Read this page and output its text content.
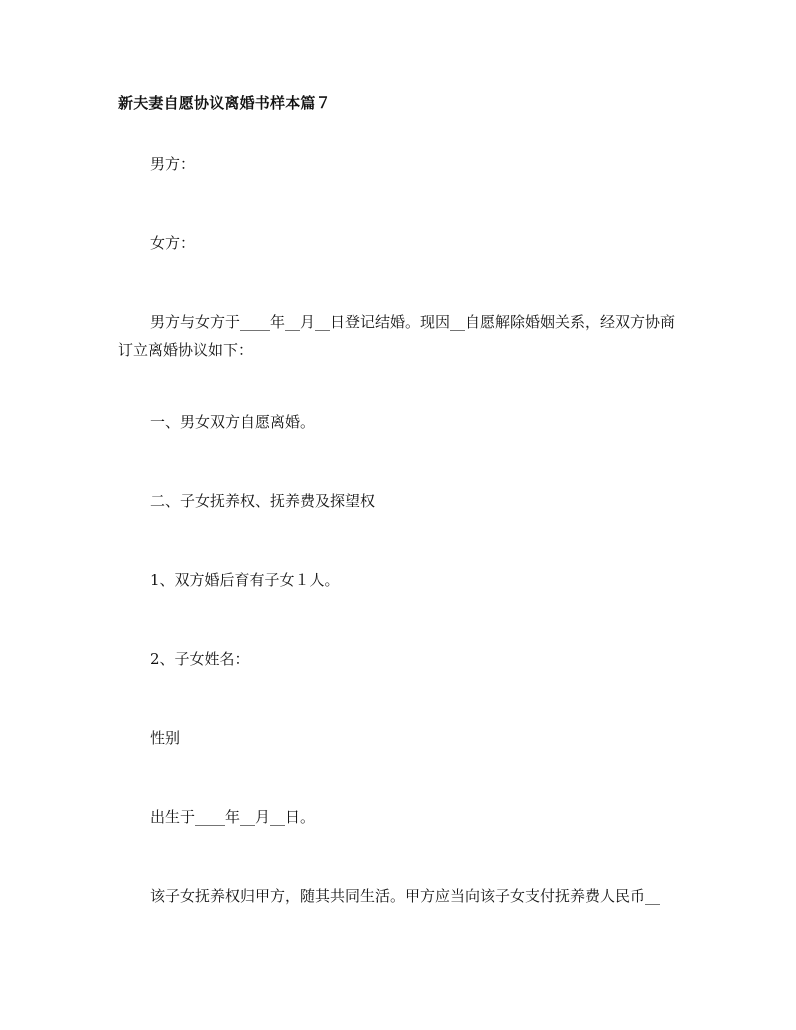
新夫妻自愿协议离婚书样本篇７
男方：
女方：
男方与女方于____年__月__日登记结婚。现因__自愿解除婚姻关系，经双方协商订立离婚协议如下：
一、男女双方自愿离婚。
二、子女抚养权、抚养费及探望权
1、双方婚后育有子女１人。
2、子女姓名：
性别
出生于____年__月__日。
该子女抚养权归甲方，随其共同生活。甲方应当向该子女支付抚养费人民币__
